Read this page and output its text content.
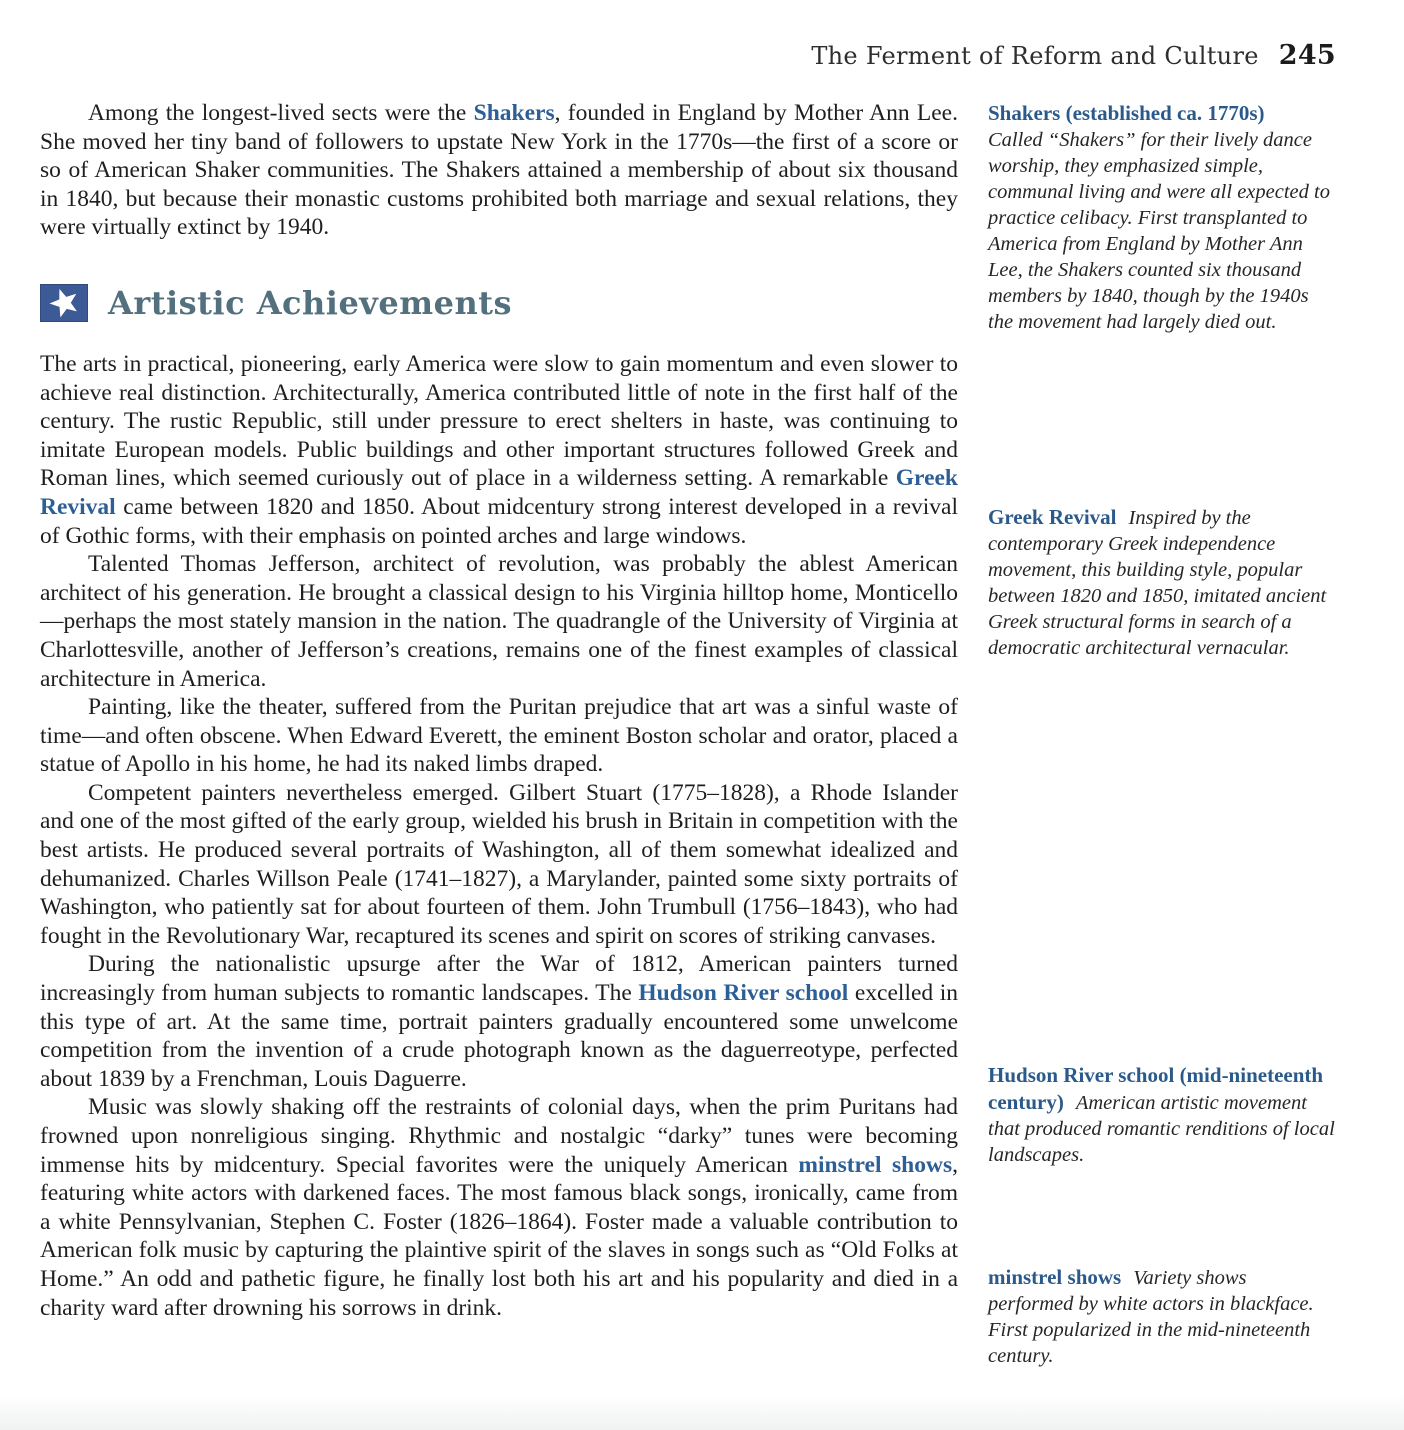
The Ferment of Reform and Culture 245

Among the longest-lived sects were the Shakers, founded in England by Mother Ann Lee. She moved her tiny band of followers to upstate New York in the 1770s—the first of a score or so of American Shaker communities. The Shakers attained a membership of about six thousand in 1840, but because their monastic customs prohibited both marriage and sexual relations, they were virtually extinct by 1940.

Artistic Achievements

The arts in practical, pioneering, early America were slow to gain momentum and even slower to achieve real distinction. Architecturally, America contributed little of note in the first half of the century. The rustic Republic, still under pressure to erect shelters in haste, was continuing to imitate European models. Public buildings and other important structures followed Greek and Roman lines, which seemed curiously out of place in a wilderness setting. A remarkable Greek Revival came between 1820 and 1850. About midcentury strong interest developed in a revival of Gothic forms, with their emphasis on pointed arches and large windows.

Talented Thomas Jefferson, architect of revolution, was probably the ablest American architect of his generation. He brought a classical design to his Virginia hilltop home, Monticello—perhaps the most stately mansion in the nation. The quadrangle of the University of Virginia at Charlottesville, another of Jefferson’s creations, remains one of the finest examples of classical architecture in America.

Painting, like the theater, suffered from the Puritan prejudice that art was a sinful waste of time—and often obscene. When Edward Everett, the eminent Boston scholar and orator, placed a statue of Apollo in his home, he had its naked limbs draped.

Competent painters nevertheless emerged. Gilbert Stuart (1775–1828), a Rhode Islander and one of the most gifted of the early group, wielded his brush in Britain in competition with the best artists. He produced several portraits of Washington, all of them somewhat idealized and dehumanized. Charles Willson Peale (1741–1827), a Marylander, painted some sixty portraits of Washington, who patiently sat for about fourteen of them. John Trumbull (1756–1843), who had fought in the Revolutionary War, recaptured its scenes and spirit on scores of striking canvases.

During the nationalistic upsurge after the War of 1812, American painters turned increasingly from human subjects to romantic landscapes. The Hudson River school excelled in this type of art. At the same time, portrait painters gradually encountered some unwelcome competition from the invention of a crude photograph known as the daguerreotype, perfected about 1839 by a Frenchman, Louis Daguerre.

Music was slowly shaking off the restraints of colonial days, when the prim Puritans had frowned upon nonreligious singing. Rhythmic and nostalgic “darky” tunes were becoming immense hits by midcentury. Special favorites were the uniquely American minstrel shows, featuring white actors with darkened faces. The most famous black songs, ironically, came from a white Pennsylvanian, Stephen C. Foster (1826–1864). Foster made a valuable contribution to American folk music by capturing the plaintive spirit of the slaves in songs such as “Old Folks at Home.” An odd and pathetic figure, he finally lost both his art and his popularity and died in a charity ward after drowning his sorrows in drink.

Shakers (established ca. 1770s)
Called “Shakers” for their lively dance worship, they emphasized simple, communal living and were all expected to practice celibacy. First transplanted to America from England by Mother Ann Lee, the Shakers counted six thousand members by 1840, though by the 1940s the movement had largely died out.
Greek Revival Inspired by the contemporary Greek independence movement, this building style, popular between 1820 and 1850, imitated ancient Greek structural forms in search of a democratic architectural vernacular.
Hudson River school (mid-nineteenth century) American artistic movement that produced romantic renditions of local landscapes.
minstrel shows Variety shows performed by white actors in blackface. First popularized in the mid-nineteenth century.
